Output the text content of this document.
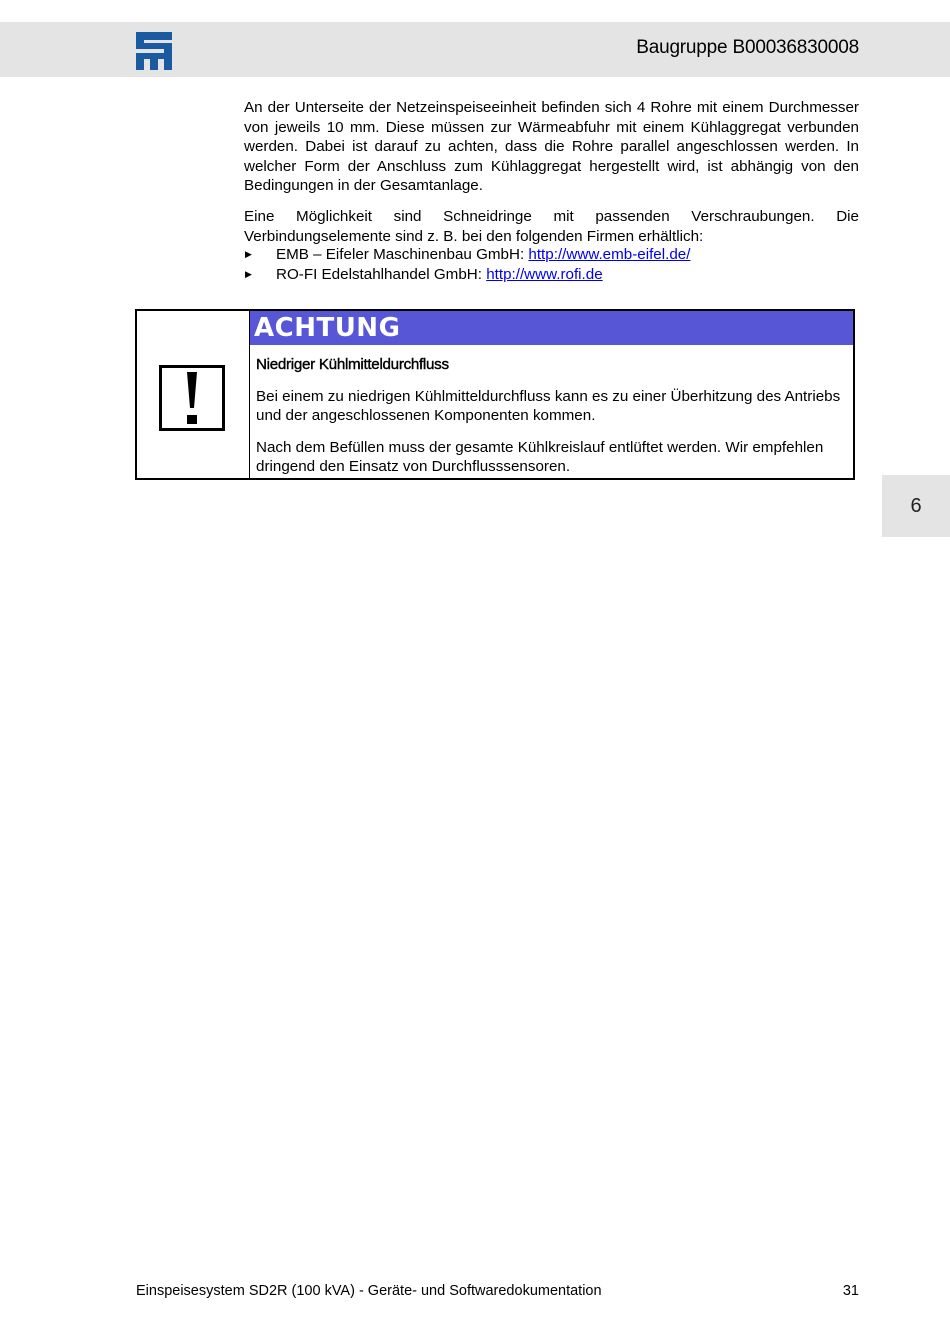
Baugruppe B00036830008
An der Unterseite der Netzeinspeiseeinheit befinden sich 4 Rohre mit einem Durchmesser von jeweils 10 mm. Diese müssen zur Wärmeabfuhr mit einem Kühlaggregat verbunden werden. Dabei ist darauf zu achten, dass die Rohre parallel angeschlossen werden. In welcher Form der Anschluss zum Kühlaggregat hergestellt wird, ist abhängig von den Bedingungen in der Gesamtanlage.
Eine Möglichkeit sind Schneidringe mit passenden Verschraubungen. Die Verbindungselemente sind z. B. bei den folgenden Firmen erhältlich:
▶ EMB – Eifeler Maschinenbau GmbH: http://www.emb-eifel.de/
▶ RO-FI Edelstahlhandel GmbH: http://www.rofi.de
ACHTUNG
Niedriger Kühlmitteldurchfluss

Bei einem zu niedrigen Kühlmitteldurchfluss kann es zu einer Überhitzung des Antriebs und der angeschlossenen Komponenten kommen.

Nach dem Befüllen muss der gesamte Kühlkreislauf entlüftet werden. Wir empfehlen dringend den Einsatz von Durchflusssensoren.

6
Einspeisesystem SD2R (100 kVA) - Geräte- und Softwaredokumentation	31
